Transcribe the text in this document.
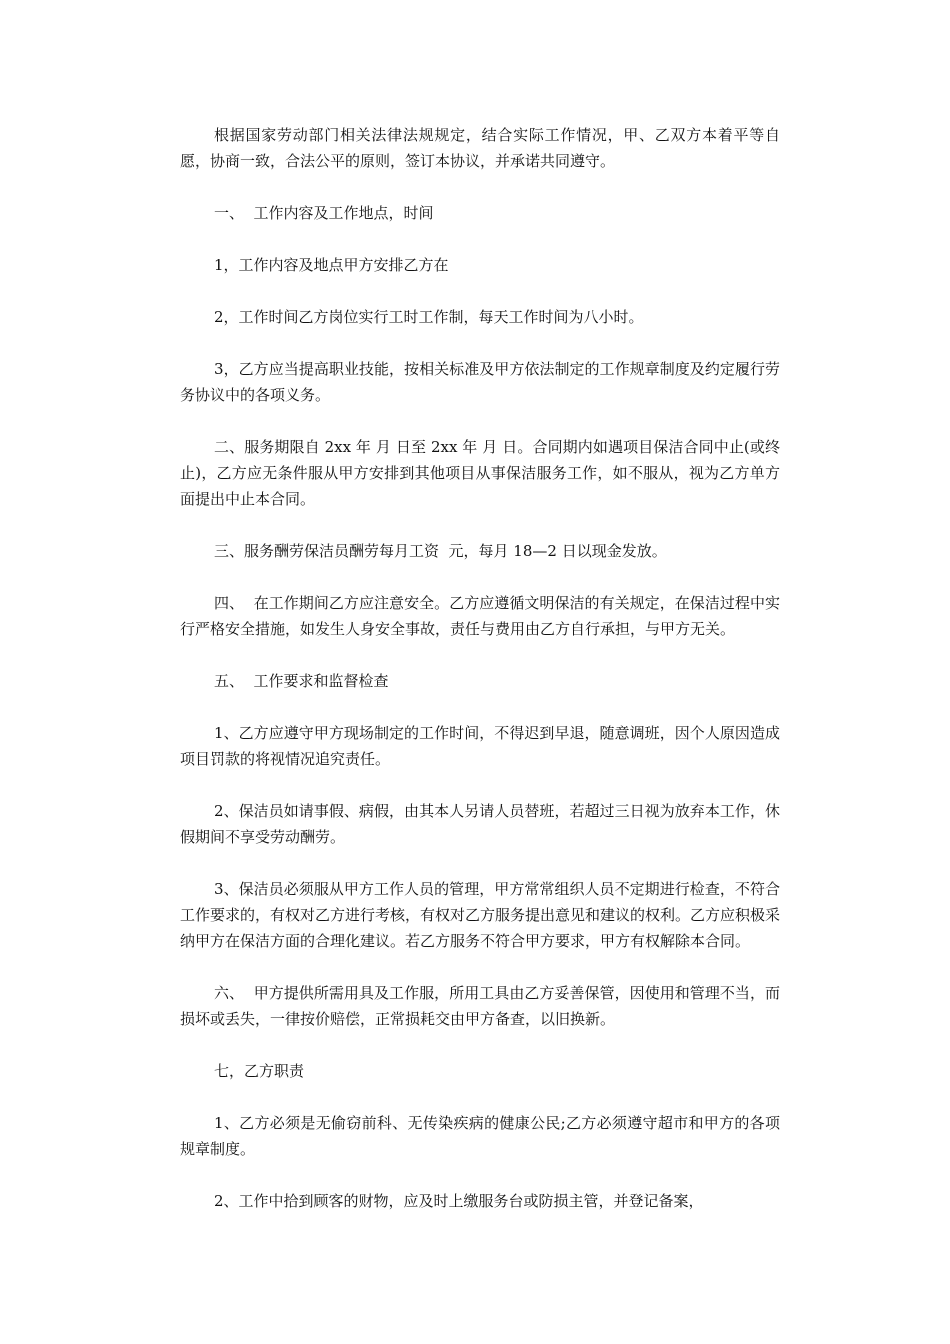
根据国家劳动部门相关法律法规规定，结合实际工作情况，甲、乙双方本着平等自愿，协商一致，合法公平的原则，签订本协议，并承诺共同遵守。

一、  工作内容及工作地点，时间

1，工作内容及地点甲方安排乙方在

2，工作时间乙方岗位实行工时工作制，每天工作时间为八小时。

3，乙方应当提高职业技能，按相关标准及甲方依法制定的工作规章制度及约定履行劳务协议中的各项义务。

二、服务期限自 2xx 年 月 日至 2xx 年 月 日。合同期内如遇项目保洁合同中止(或终止)，乙方应无条件服从甲方安排到其他项目从事保洁服务工作，如不服从，视为乙方单方面提出中止本合同。

三、服务酬劳保洁员酬劳每月工资  元，每月 18—2 日以现金发放。

四、  在工作期间乙方应注意安全。乙方应遵循文明保洁的有关规定，在保洁过程中实行严格安全措施，如发生人身安全事故，责任与费用由乙方自行承担，与甲方无关。

五、  工作要求和监督检查

1、乙方应遵守甲方现场制定的工作时间，不得迟到早退，随意调班，因个人原因造成项目罚款的将视情况追究责任。

2、保洁员如请事假、病假，由其本人另请人员替班，若超过三日视为放弃本工作，休假期间不享受劳动酬劳。

3、保洁员必须服从甲方工作人员的管理，甲方常常组织人员不定期进行检查，不符合工作要求的，有权对乙方进行考核，有权对乙方服务提出意见和建议的权利。乙方应积极采纳甲方在保洁方面的合理化建议。若乙方服务不符合甲方要求，甲方有权解除本合同。

六、  甲方提供所需用具及工作服，所用工具由乙方妥善保管，因使用和管理不当，而损坏或丢失，一律按价赔偿，正常损耗交由甲方备查，以旧换新。

七，乙方职责

1、乙方必须是无偷窃前科、无传染疾病的健康公民;乙方必须遵守超市和甲方的各项规章制度。

2、工作中拾到顾客的财物，应及时上缴服务台或防损主管，并登记备案，
